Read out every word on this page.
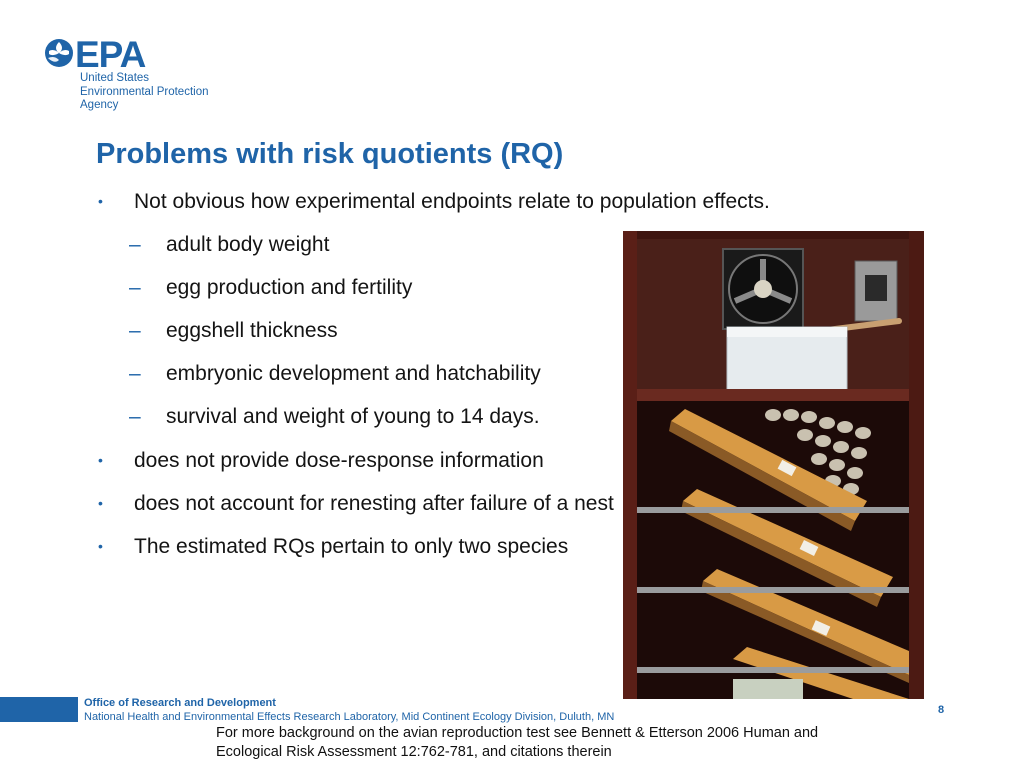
EPA
United States
Environmental Protection
Agency
Problems with risk quotients (RQ)
• Not obvious how experimental endpoints relate to population effects.
– adult body weight
– egg production and fertility
– eggshell thickness
– embryonic development and hatchability
– survival and weight of young to 14 days.
• does not provide dose-response information
• does not account for renesting after failure of a nest
• The estimated RQs pertain to only two species
Office of Research and Development
National Health and Environmental Effects Research Laboratory, Mid Continent Ecology Division, Duluth, MN
8
For more background on the avian reproduction test see Bennett & Etterson 2006 Human and
Ecological Risk Assessment 12:762-781, and citations therein
